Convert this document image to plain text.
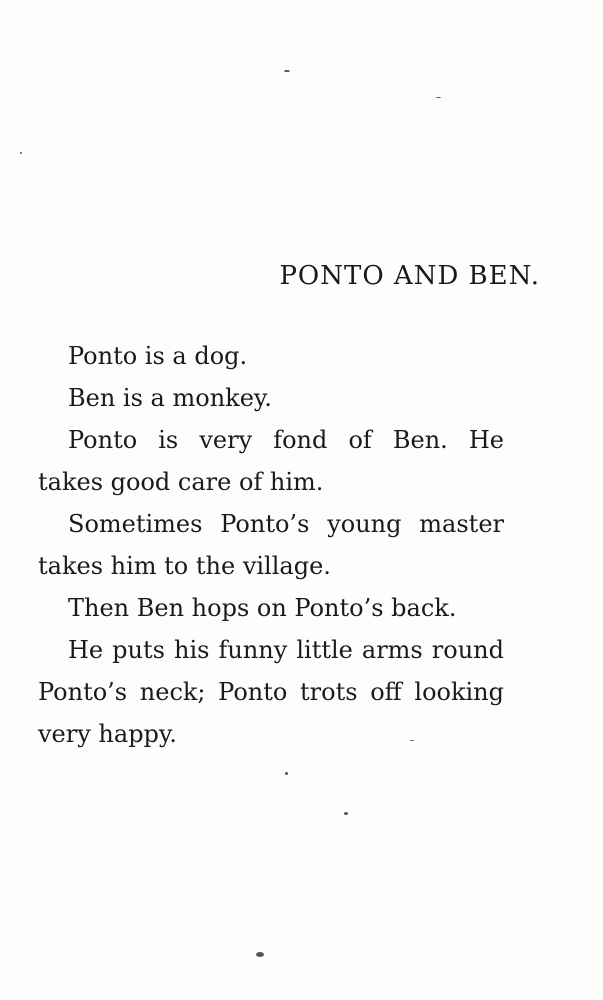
PONTO AND BEN.
Ponto is a dog.
Ben is a monkey.
Ponto is very fond of Ben. He
takes good care of him.
Sometimes Ponto’s young master
takes him to the village.
Then Ben hops on Ponto’s back.
He puts his funny little arms round
Ponto’s neck; Ponto trots off looking
very happy.
